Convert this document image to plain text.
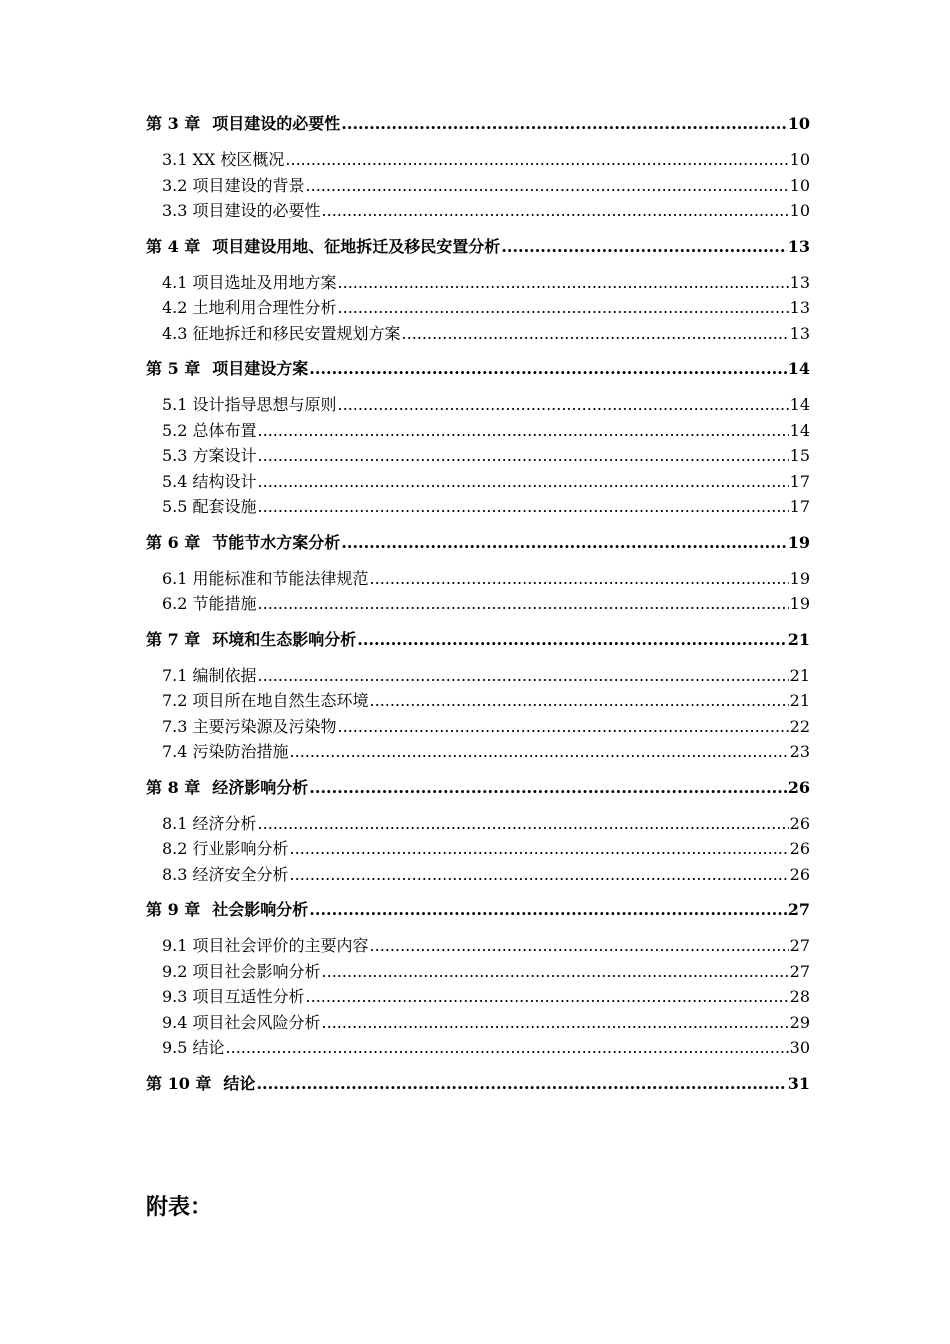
第 3 章 项目建设的必要性 .....	10
3.1 XX 校区概况 .....	10
3.2 项目建设的背景 .....	10
3.3 项目建设的必要性 .....	10
第 4 章 项目建设用地、征地拆迁及移民安置分析 .....	13
4.1 项目选址及用地方案 .....	13
4.2 土地利用合理性分析 .....	13
4.3 征地拆迁和移民安置规划方案 .....	13
第 5 章 项目建设方案 .....	14
5.1 设计指导思想与原则 .....	14
5.2 总体布置 .....	14
5.3 方案设计 .....	15
5.4 结构设计 .....	17
5.5 配套设施 .....	17
第 6 章 节能节水方案分析 .....	19
6.1 用能标准和节能法律规范 .....	19
6.2 节能措施 .....	19
第 7 章 环境和生态影响分析 .....	21
7.1 编制依据 .....	21
7.2 项目所在地自然生态环境 .....	21
7.3 主要污染源及污染物 .....	22
7.4 污染防治措施 .....	23
第 8 章 经济影响分析 .....	26
8.1 经济分析 .....	26
8.2 行业影响分析 .....	26
8.3 经济安全分析 .....	26
第 9 章 社会影响分析 .....	27
9.1 项目社会评价的主要内容 .....	27
9.2 项目社会影响分析 .....	27
9.3 项目互适性分析 .....	28
9.4 项目社会风险分析 .....	29
9.5 结论 .....	30
第 10 章 结论 .....	31
附表：
